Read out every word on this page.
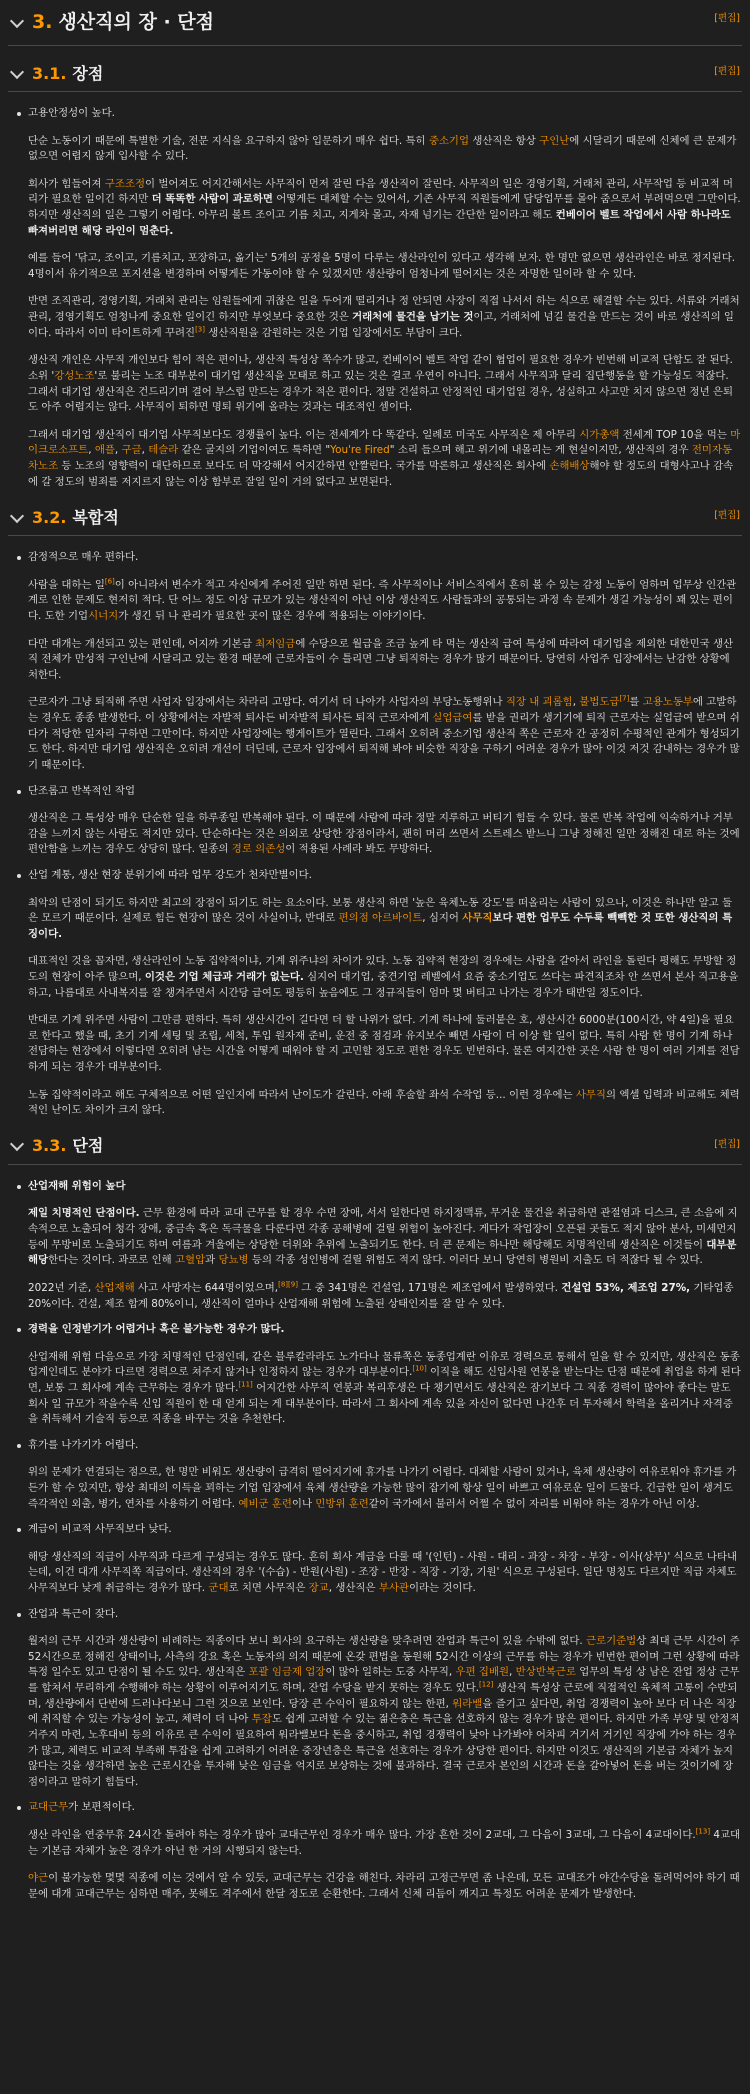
3. 생산직의 장 · 단점	[편집]
3.1. 장점	[편집]

고용안정성이 높다.

단순 노동이기 때문에 특별한 기술, 전문 지식을 요구하지 않아 입문하기 매우 쉽다. 특히 중소기업 생산직은 항상 구인난에 시달리기 때문에 신체에 큰 문제가 없으면 어렵지 않게 입사할 수 있다.

회사가 힘들어져 구조조정이 벌어져도 어지간해서는 사무직이 먼저 잘린 다음 생산직이 잘린다. 사무직의 일은 경영기획, 거래처 관리, 사무작업 등 비교적 머리가 필요한 일이긴 하지만 더 똑똑한 사람이 과로하면 어떻게든 대체할 수는 있어서, 기존 사무직 직원들에게 담당업무를 몰아 줌으로서 부려먹으면 그만이다. 하지만 생산직의 일은 그렇기 어렵다. 아무리 볼트 조이고 기름 치고, 지게차 몰고, 자재 넘기는 간단한 일이라고 해도 컨베이어 벨트 작업에서 사람 하나라도 빠져버리면 해당 라인이 멈춘다.

예를 들어 '닦고, 조이고, 기름치고, 포장하고, 옮기는' 5개의 공정을 5명이 다루는 생산라인이 있다고 생각해 보자. 한 명만 없으면 생산라인은 바로 정지된다. 4명이서 유기적으로 포지션을 변경하며 어떻게든 가동이야 할 수 있겠지만 생산량이 엄청나게 떨어지는 것은 자명한 일이라 할 수 있다.

반면 조직관리, 경영기획, 거래처 관리는 임원들에게 귀찮은 일을 두어개 떨리거나 정 안되면 사장이 직접 나서서 하는 식으로 해결할 수는 있다. 서류와 거래처 관리, 경영기획도 엄청나게 중요한 일이긴 하지만 부엇보다 중요한 것은 거래처에 물건을 납기는 것이고, 거래처에 넘길 물건을 만드는 것이 바로 생산직의 일이다. 따라서 이미 타이트하게 꾸려진[3] 생산직원을 감원하는 것은 기업 입장에서도 부담이 크다.

생산직 개인은 사무직 개인보다 힘이 적은 편이나, 생산직 특성상 쪽수가 많고, 컨베이어 벨트 작업 같이 협업이 필요한 경우가 빈번해 비교적 단합도 잘 된다. 소위 '강성노조'로 불리는 노조 대부분이 대기업 생산직을 모태로 하고 있는 것은 결코 우연이 아니다. 그래서 사무직과 달리 집단행동을 할 가능성도 적잖다. 그래서 대기업 생산직은 건드리기며 결어 부스럽 만드는 경우가 적은 편이다. 정말 건설하고 안정적인 대기업일 경우, 성실하고 사고만 치지 않으면 정년 은퇴도 아주 어렵지는 않다. 사무직이 퇴하면 명퇴 위기에 올라는 것과는 대조적인 셈이다.

그래서 대기업 생산직이 대기업 사무직보다도 경쟁률이 높다. 이는 전세계가 다 똑같다. 일례로 미국도 사무직은 제 아무리 시가총액 전세계 TOP 10을 먹는 마이크로소프트, 애플, 구글, 테슬라 같은 굴지의 기업이여도 툭하면 "You're Fired" 소리 들으며 해고 위기에 내몰리는 게 현실이지만, 생산직의 경우 전미자동차노조 등 노조의 영향력이 대단하므로 보다도 더 막강해서 어지간하면 안짤린다. 국가를 막론하고 생산직은 회사에 손해배상해야 할 정도의 대형사고나 감속에 갈 정도의 범죄를 저지르지 않는 이상 함부로 잘일 일이 거의 없다고 보면된다.

3.2. 복합적	[편집]

감정적으로 매우 편하다.

사람을 대하는 일[6]이 아니라서 변수가 적고 자신에게 주어진 일만 하면 된다. 즉 사무직이나 서비스직에서 흔히 볼 수 있는 감정 노동이 엄하며 업무상 인간관계로 인한 문제도 현저히 적다. 단 어느 정도 이상 규모가 있는 생산직이 아닌 이상 생산직도 사람들과의 공통되는 과정 속 문제가 생길 가능성이 꽤 있는 편이다. 도한 기업시너지가 생긴 뒤 나 관리가 필요한 곳이 많은 경우에 적용되는 이야기이다.

다만 대개는 개선되고 있는 편인데, 어지까 기본급 최저임금에 수당으로 월급을 조금 높게 타 먹는 생산직 급여 특성에 따라여 대기업을 제외한 대한민국 생산직 전체가 만성적 구인난에 시달리고 있는 환경 때문에 근로자들이 수 틀리면 그냥 퇴직하는 경우가 많기 때문이다. 당연히 사업주 입장에서는 난감한 상황에 처한다.

근로자가 그냥 퇴직해 주면 사업자 입장에서는 차라리 고맙다. 여기서 더 나아가 사업자의 부당노동행위나 직장 내 괴롭힘, 불법도급[7]를 고용노동부에 고발하는 경우도 종종 발생한다. 이 상황에서는 자발적 퇴사든 비자발적 퇴사든 퇴직 근로자에게 실업급여를 받을 권리가 생기기에 퇴직 근로자는 실업급여 받으며 쉬다가 적당한 일자리 구하면 그만이다. 하지만 사업장에는 행게이트가 열린다. 그래서 오히려 중소기업 생산직 쪽은 근로자 간 공정히 수평적인 관계가 형성되기도 한다. 하지만 대기업 생산직은 오히려 개선이 더딘데, 근로자 입장에서 퇴직해 봐야 비슷한 직장을 구하기 어려운 경우가 많아 이것 저것 감내하는 경우가 많기 때문이다.

단조롭고 반복적인 작업

생산직은 그 특성상 매우 단순한 일을 하루종일 반복해야 된다. 이 때문에 사람에 따라 정말 지루하고 버티기 힘들 수 있다. 물론 반복 작업에 익숙하거나 거부감을 느끼지 않는 사람도 적지만 있다. 단순하다는 것은 의외로 상당한 장점이라서, 괜히 머리 쓰면서 스트레스 받느니 그냥 정해진 일만 정해진 대로 하는 것에 편안함을 느끼는 경우도 상당히 많다. 일종의 경로 의존성이 적용된 사례라 봐도 무방하다.

산업 계통, 생산 현장 분위기에 따라 업무 강도가 천차만별이다.

최악의 단점이 되기도 하지만 최고의 장점이 되기도 하는 요소이다. 보통 생산직 하면 '높은 육체노동 강도'를 떠올리는 사람이 있으나, 이것은 하나만 알고 둘은 모르기 때문이다. 실제로 힘든 현장이 많은 것이 사실이나, 반대로 편의점 아르바이트, 심지어 사무직보다 편한 업무도 수두룩 빽빽한 것 또한 생산직의 특징이다.

대표적인 것을 꼽자면, 생산라인이 노동 집약적이냐, 기계 위주냐의 차이가 있다. 노동 집약적 현장의 경우에는 사람을 갈아서 라인을 돌린다 평해도 무방할 정도의 현장이 아주 많으며, 이것은 기업 체급과 거래가 없는다. 심지어 대기업, 중견기업 레벨에서 요즘 중소기업도 쓰다는 파견직조차 안 쓰면서 본사 직고용을 하고, 나름대로 사내복지를 잘 챙겨주면서 시간당 급여도 평등히 높음에도 그 정규직들이 엄마 몇 버티고 나가는 경우가 태반일 정도이다.

반대로 기계 위주면 사람이 그만큼 편하다. 특히 생산시간이 길다면 더 할 나위가 없다. 기계 하나에 둘러붙은 호, 생산시간 6000분(100시간, 약 4일)을 필요로 한다고 했을 때, 초기 기계 세팅 및 조립, 세척, 투입 원자재 준비, 운전 중 점검과 유지보수 빼면 사람이 더 이상 할 일이 없다. 특히 사람 한 명이 기계 하나 전담하는 현장에서 이렇다면 오히려 남는 시간을 어떻게 때워야 할 지 고민할 정도로 편한 경우도 빈번하다. 물론 여지간한 곳은 사람 한 명이 여러 기계를 전담하게 되는 경우가 대부분이다.

노동 집약적이라고 해도 구체적으로 어떤 일인지에 따라서 난이도가 갈린다. 아래 후술할 좌석 수작업 등... 이런 경우에는 사무직의 엑셀 입력과 비교해도 체력적인 난이도 차이가 크지 않다.

3.3. 단점	[편집]

산업재해 위험이 높다

제일 치명적인 단점이다. 근무 환경에 따라 교대 근무를 할 경우 수면 장애, 서서 일한다면 하지정맥류, 무거운 물건을 취급하면 관절염과 디스크, 큰 소음에 지속적으로 노출되어 청각 장애, 중금속 혹은 독극물을 다룬다면 각종 공해병에 걸릴 위험이 높아진다. 게다가 작업장이 오픈된 곳들도 적지 않아 분사, 미세먼지 등에 무방비로 노출되기도 하며 여름과 겨울에는 상당한 더위와 추위에 노출되기도 한다. 더 큰 문제는 하나만 해당해도 치명적인데 생산직은 이것들이 대부분 해당한다는 것이다. 과로로 인해 고혈압과 당뇨병 등의 각종 성인병에 걸릴 위험도 적지 않다. 이러다 보니 당연히 병원비 지출도 더 적잖다 될 수 있다.

2022년 기준, 산업재해 사고 사망자는 644명이었으며,[8][9] 그 중 341명은 건설업, 171명은 제조업에서 발생하였다. 건설업 53%, 제조업 27%, 기타업종 20%이다. 건설, 제조 합계 80%이니, 생산직이 얼마나 산업재해 위험에 노출된 상태인지를 잘 알 수 있다.

경력을 인정받기가 어렵거나 혹은 불가능한 경우가 많다.

산업재해 위험 다음으로 가장 치명적인 단점인데, 같은 블루칼라라도 노가다나 물류쪽은 동종업계란 이유로 경력으로 통해서 일을 할 수 있지만, 생산직은 동종업계인데도 분야가 다르면 경력으로 쳐주지 않거나 인정하지 않는 경우가 대부분이다.[10] 이직을 해도 신입사원 연봉을 받는다는 단점 때문에 취업을 하게 된다면, 보통 그 회사에 계속 근무하는 경우가 많다.[11] 어지간한 사무직 연봉과 복리후생은 다 챙기면서도 생산직은 잠기보다 그 직종 경력이 많아야 좋다는 말도 회사 일 규모가 작을수록 신입 직원이 한 대 얻게 되는 게 대부분이다. 따라서 그 회사에 계속 있을 자신이 없다면 나간후 더 투자해서 학력을 올리거나 자격증을 취득해서 기술직 등으로 직종을 바꾸는 것을 추천한다.

휴가를 나가기가 어렵다.

위의 문제가 연결되는 점으로, 한 명만 비워도 생산량이 급격히 떨어지기에 휴가를 나가기 어렵다. 대체할 사람이 있거나, 육체 생산량이 여유로워야 휴가를 가든가 할 수 있지만, 항상 최대의 이득을 꾀하는 기업 입장에서 육체 생산량을 가능한 많이 잡기에 항상 일이 바쁘고 여유로운 일이 드물다. 긴급한 일이 생겨도 즉각적인 외출, 병가, 연차를 사용하기 어렵다. 예비군 훈련이나 민방위 훈련같이 국가에서 불러서 어쩔 수 없이 자리를 비워야 하는 경우가 아닌 이상.

계급이 비교적 사무직보다 낮다.

해당 생산직의 직급이 사무직과 다르게 구성되는 경우도 많다. 흔히 회사 계급을 다룰 때 '(인턴) - 사원 - 대리 - 과장 - 차장 - 부장 - 이사(상무)' 식으로 나타내는데, 이건 대개 사무직쪽 직급이다. 생산직의 경우 '(수습) - 반원(사원) - 조장 - 반장 - 직장 - 기장, 기원' 식으로 구성된다. 일단 명칭도 다르지만 직급 자체도 사무직보다 낮게 취급하는 경우가 많다. 군대로 치면 사무직은 장교, 생산직은 부사관이라는 것이다.

잔업과 특근이 잦다.

월저의 근무 시간과 생산량이 비례하는 직종이다 보니 회사의 요구하는 생산량을 맞추려면 잔업과 특근이 있을 수밖에 없다. 근로기준법상 최대 근무 시간이 주 52시간으로 정해진 상태이나, 사측의 강요 혹은 노동자의 의지 때문에 온갖 편법을 동원해 52시간 이상의 근무를 하는 경우가 빈번한 편이며 그런 상황에 따라 특정 일수도 있고 단점이 될 수도 있다. 생산직은 포괄 임금제 업장이 많아 일하는 도중 사무직, 우편 집배원, 반상반복근로 업무의 특성 상 남은 잔업 정상 근무를 합쳐서 무리하게 수행해야 하는 상황이 이루어지기도 하며, 잔업 수당을 받지 못하는 경우도 있다.[12] 생산직 특성상 근로에 직접적인 육체적 고통이 수반되며, 생산량에서 단번에 드러나다보니 그런 것으로 보인다. 당장 큰 수익이 필요하지 않는 한편, 워라밸을 즐기고 싶다면, 취업 경쟁력이 높아 보다 더 나은 직장에 취직할 수 있는 가능성이 높고, 체력이 더 나아 투잡도 쉽게 고려할 수 있는 젊은층은 특근을 선호하지 않는 경우가 많은 편이다. 하지만 가족 부양 및 안정적 거주지 마련, 노후대비 등의 이유로 큰 수익이 필요하여 워라밸보다 돈을 중시하고, 취업 경쟁력이 낮아 나가봐야 어차피 거기서 거기인 직장에 가야 하는 경우가 많고, 체력도 비교적 부족해 투잡을 쉽게 고려하기 어려운 중장년층은 특근을 선호하는 경우가 상당한 편이다. 하지만 이것도 생산직의 기본급 자체가 높지 않다는 것을 생각하면 높은 근로시간을 투자해 낮은 임금을 억지로 보상하는 것에 불과하다. 결국 근로자 본인의 시간과 돈을 갈아넣어 돈을 버는 것이기에 장점이라고 말하기 힘들다.

교대근무가 보편적이다.

생산 라인을 연중무휴 24시간 돌려야 하는 경우가 많아 교대근무인 경우가 매우 많다. 가장 흔한 것이 2교대, 그 다음이 3교대, 그 다음이 4교대이다.[13] 4교대는 기본급 자체가 높은 경우가 아닌 한 거의 시행되지 않는다.

야근이 불가능한 몇몇 직종에 이는 것에서 알 수 있듯, 교대근무는 건강을 해친다. 차라리 고정근무면 좀 나은데, 모든 교대조가 야간수당을 돌려먹어야 하기 때문에 대개 교대근무는 심하면 매주, 못해도 격주에서 한달 정도로 순환한다. 그래서 신체 리듬이 깨지고 특정도 어려운 문제가 발생한다.
